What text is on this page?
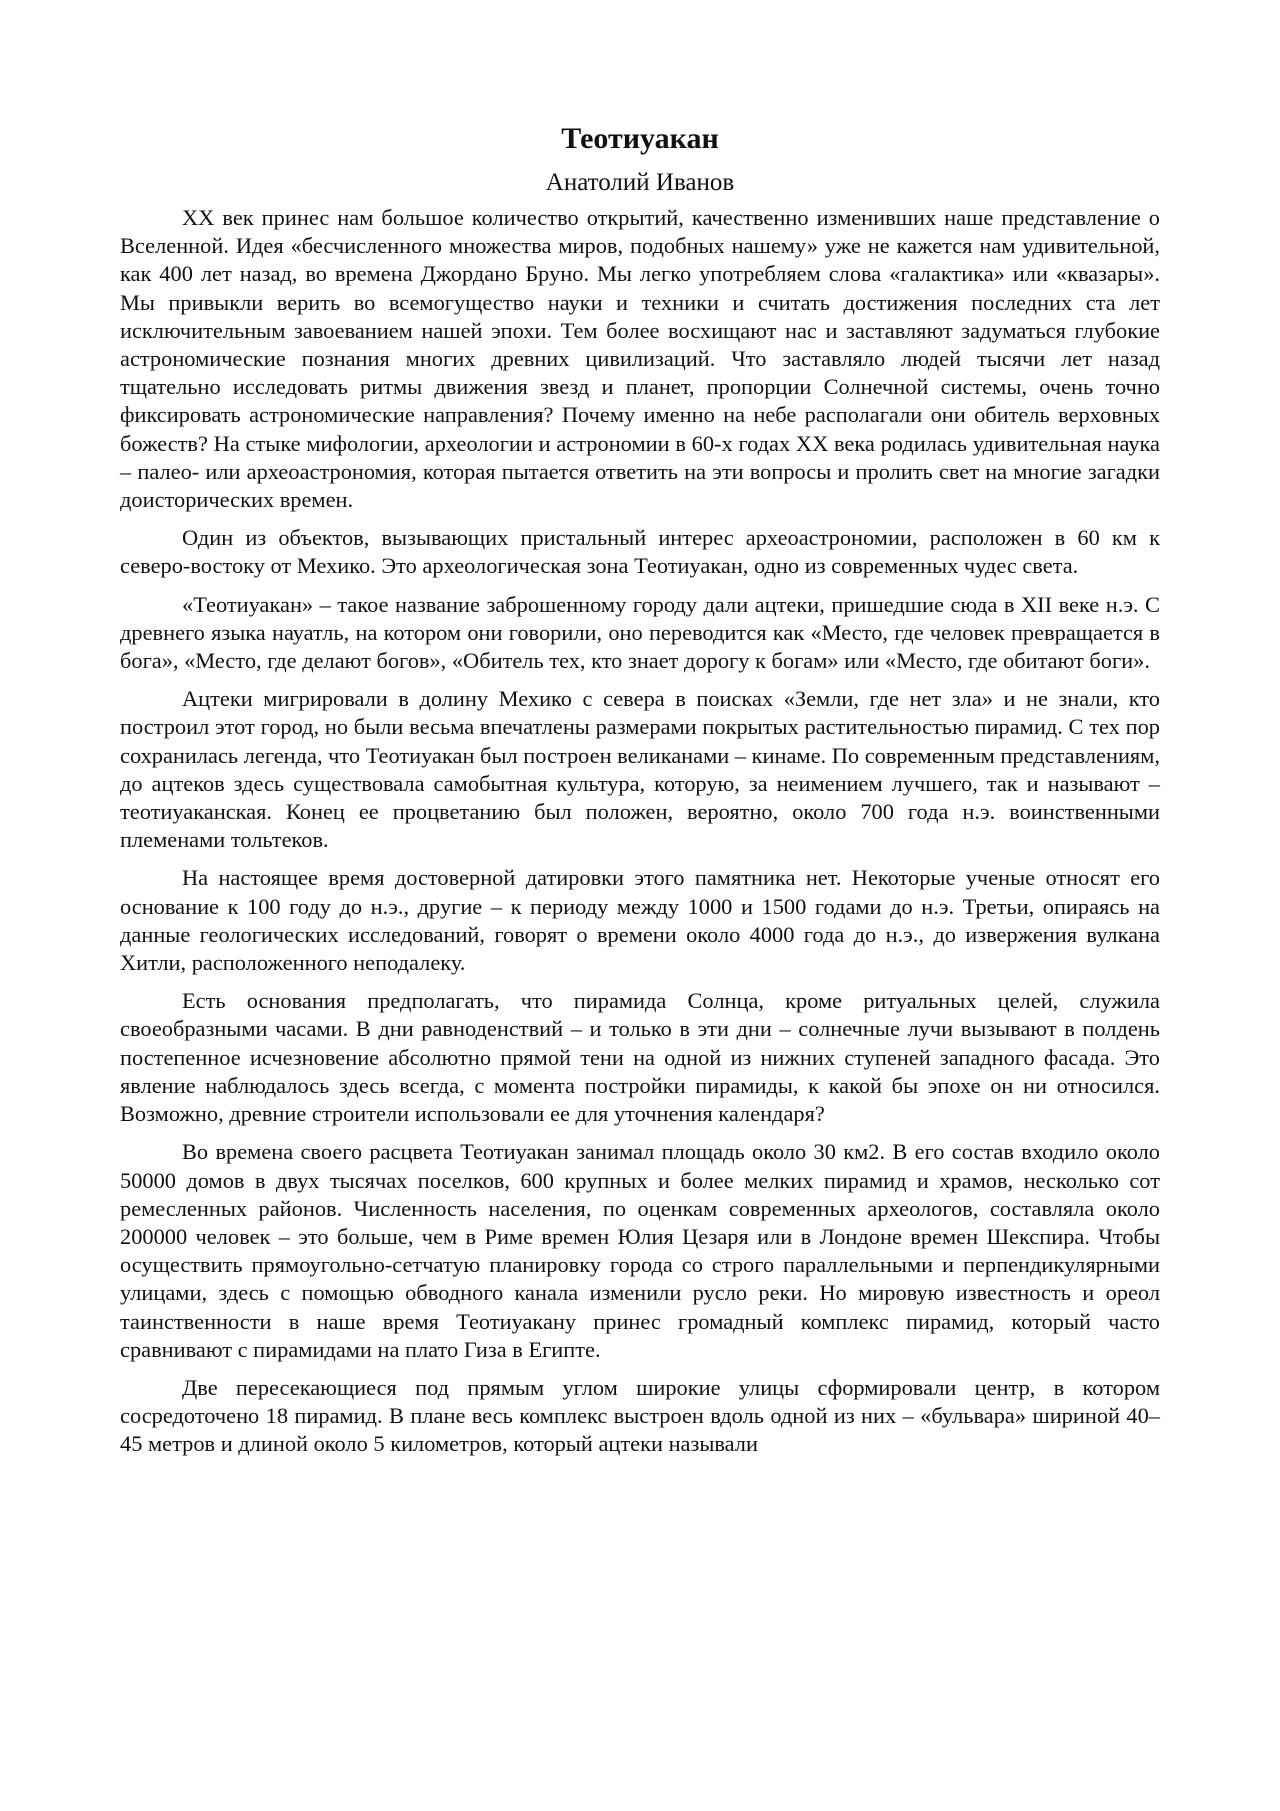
Теотиуакан
Анатолий Иванов

XX век принес нам большое количество открытий, качественно изменивших наше представление о Вселенной. Идея «бесчисленного множества миров, подобных нашему» уже не кажется нам удивительной, как 400 лет назад, во времена Джордано Бруно. Мы легко употребляем слова «галактика» или «квазары». Мы привыкли верить во всемогущество науки и техники и считать достижения последних ста лет исключительным завоеванием нашей эпохи. Тем более восхищают нас и заставляют задуматься глубокие астрономические познания многих древних цивилизаций. Что заставляло людей тысячи лет назад тщательно исследовать ритмы движения звезд и планет, пропорции Солнечной системы, очень точно фиксировать астрономические направления? Почему именно на небе располагали они обитель верховных божеств? На стыке мифологии, археологии и астрономии в 60-х годах XX века родилась удивительная наука – палео- или археоастрономия, которая пытается ответить на эти вопросы и пролить свет на многие загадки доисторических времен.

Один из объектов, вызывающих пристальный интерес археоастрономии, расположен в 60 км к северо-востоку от Мехико. Это археологическая зона Теотиуакан, одно из современных чудес света.

«Теотиуакан» – такое название заброшенному городу дали ацтеки, пришедшие сюда в XII веке н.э. С древнего языка науатль, на котором они говорили, оно переводится как «Место, где человек превращается в бога», «Место, где делают богов», «Обитель тех, кто знает дорогу к богам» или «Место, где обитают боги».

Ацтеки мигрировали в долину Мехико с севера в поисках «Земли, где нет зла» и не знали, кто построил этот город, но были весьма впечатлены размерами покрытых растительностью пирамид. С тех пор сохранилась легенда, что Теотиуакан был построен великанами – кинаме. По современным представлениям, до ацтеков здесь существовала самобытная культура, которую, за неимением лучшего, так и называют – теотиуаканская. Конец ее процветанию был положен, вероятно, около 700 года н.э. воинственными племенами тольтеков.

На настоящее время достоверной датировки этого памятника нет. Некоторые ученые относят его основание к 100 году до н.э., другие – к периоду между 1000 и 1500 годами до н.э. Третьи, опираясь на данные геологических исследований, говорят о времени около 4000 года до н.э., до извержения вулкана Хитли, расположенного неподалеку.

Есть основания предполагать, что пирамида Солнца, кроме ритуальных целей, служила своеобразными часами. В дни равноденствий – и только в эти дни – солнечные лучи вызывают в полдень постепенное исчезновение абсолютно прямой тени на одной из нижних ступеней западного фасада. Это явление наблюдалось здесь всегда, с момента постройки пирамиды, к какой бы эпохе он ни относился. Возможно, древние строители использовали ее для уточнения календаря?

Во времена своего расцвета Теотиуакан занимал площадь около 30 км2. В его состав входило около 50000 домов в двух тысячах поселков, 600 крупных и более мелких пирамид и храмов, несколько сот ремесленных районов. Численность населения, по оценкам современных археологов, составляла около 200000 человек – это больше, чем в Риме времен Юлия Цезаря или в Лондоне времен Шекспира. Чтобы осуществить прямоугольно-сетчатую планировку города со строго параллельными и перпендикулярными улицами, здесь с помощью обводного канала изменили русло реки. Но мировую известность и ореол таинственности в наше время Теотиуакану принес громадный комплекс пирамид, который часто сравнивают с пирамидами на плато Гиза в Египте.

Две пересекающиеся под прямым углом широкие улицы сформировали центр, в котором сосредоточено 18 пирамид. В плане весь комплекс выстроен вдоль одной из них – «бульвара» шириной 40–45 метров и длиной около 5 километров, который ацтеки называли
